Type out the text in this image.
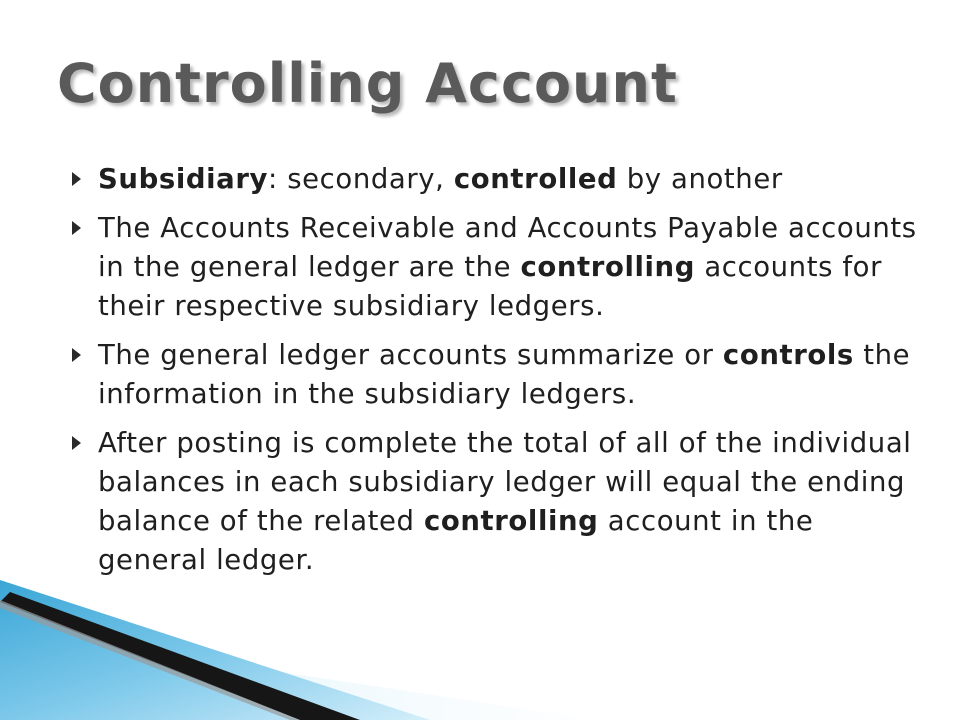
Controlling Account
Subsidiary: secondary, controlled by another
The Accounts Receivable and Accounts Payable accounts in the general ledger are the controlling accounts for their respective subsidiary ledgers.
The general ledger accounts summarize or controls the information in the subsidiary ledgers.
After posting is complete the total of all of the individual balances in each subsidiary ledger will equal the ending balance of the related controlling account in the general ledger.
